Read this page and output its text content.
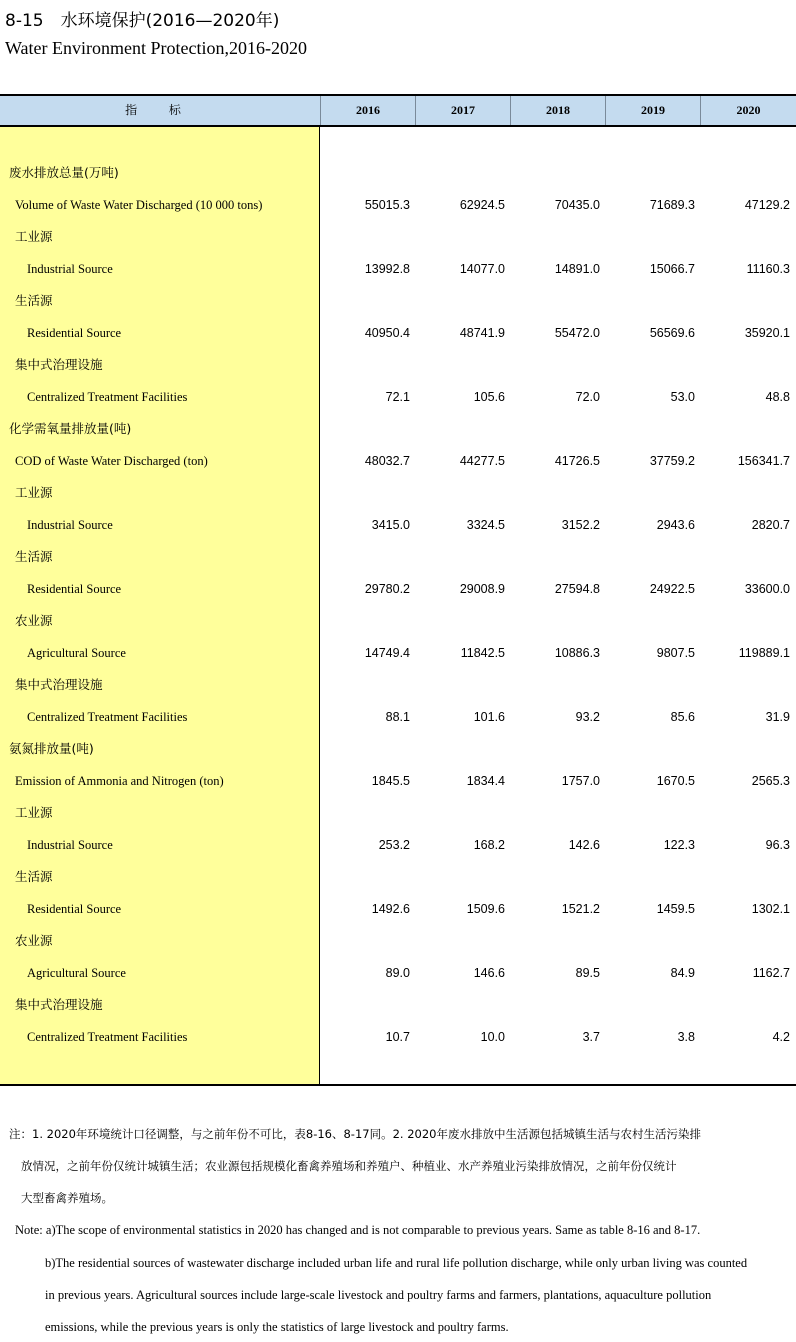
8-15　水环境保护(2016—2020年)
Water Environment Protection,2016-2020
指 标	2016	2017	2018	2019	2020
废水排放总量(万吨)
Volume of Waste Water Discharged (10 000 tons)	55015.3	62924.5	70435.0	71689.3	47129.2
工业源
Industrial Source	13992.8	14077.0	14891.0	15066.7	11160.3
生活源
Residential Source	40950.4	48741.9	55472.0	56569.6	35920.1
集中式治理设施
Centralized Treatment Facilities	72.1	105.6	72.0	53.0	48.8
化学需氧量排放量(吨)
COD of Waste Water Discharged (ton)	48032.7	44277.5	41726.5	37759.2	156341.7
工业源
Industrial Source	3415.0	3324.5	3152.2	2943.6	2820.7
生活源
Residential Source	29780.2	29008.9	27594.8	24922.5	33600.0
农业源
Agricultural Source	14749.4	11842.5	10886.3	9807.5	119889.1
集中式治理设施
Centralized Treatment Facilities	88.1	101.6	93.2	85.6	31.9
氨氮排放量(吨)
Emission of Ammonia and Nitrogen (ton)	1845.5	1834.4	1757.0	1670.5	2565.3
工业源
Industrial Source	253.2	168.2	142.6	122.3	96.3
生活源
Residential Source	1492.6	1509.6	1521.2	1459.5	1302.1
农业源
Agricultural Source	89.0	146.6	89.5	84.9	1162.7
集中式治理设施
Centralized Treatment Facilities	10.7	10.0	3.7	3.8	4.2
注：1. 2020年环境统计口径调整，与之前年份不可比，表8-16、8-17同。2. 2020年废水排放中生活源包括城镇生活与农村生活污染排
放情况，之前年份仅统计城镇生活；农业源包括规模化畜禽养殖场和养殖户、种植业、水产养殖业污染排放情况，之前年份仅统计
大型畜禽养殖场。
Note: a)The scope of environmental statistics in 2020 has changed and is not comparable to previous years. Same as table 8-16 and 8-17.
b)The residential sources of wastewater discharge included urban life and rural life pollution discharge, while only urban living was counted
in previous years. Agricultural sources include large-scale livestock and poultry farms and farmers, plantations, aquaculture pollution
emissions, while the previous years is only the statistics of large livestock and poultry farms.
